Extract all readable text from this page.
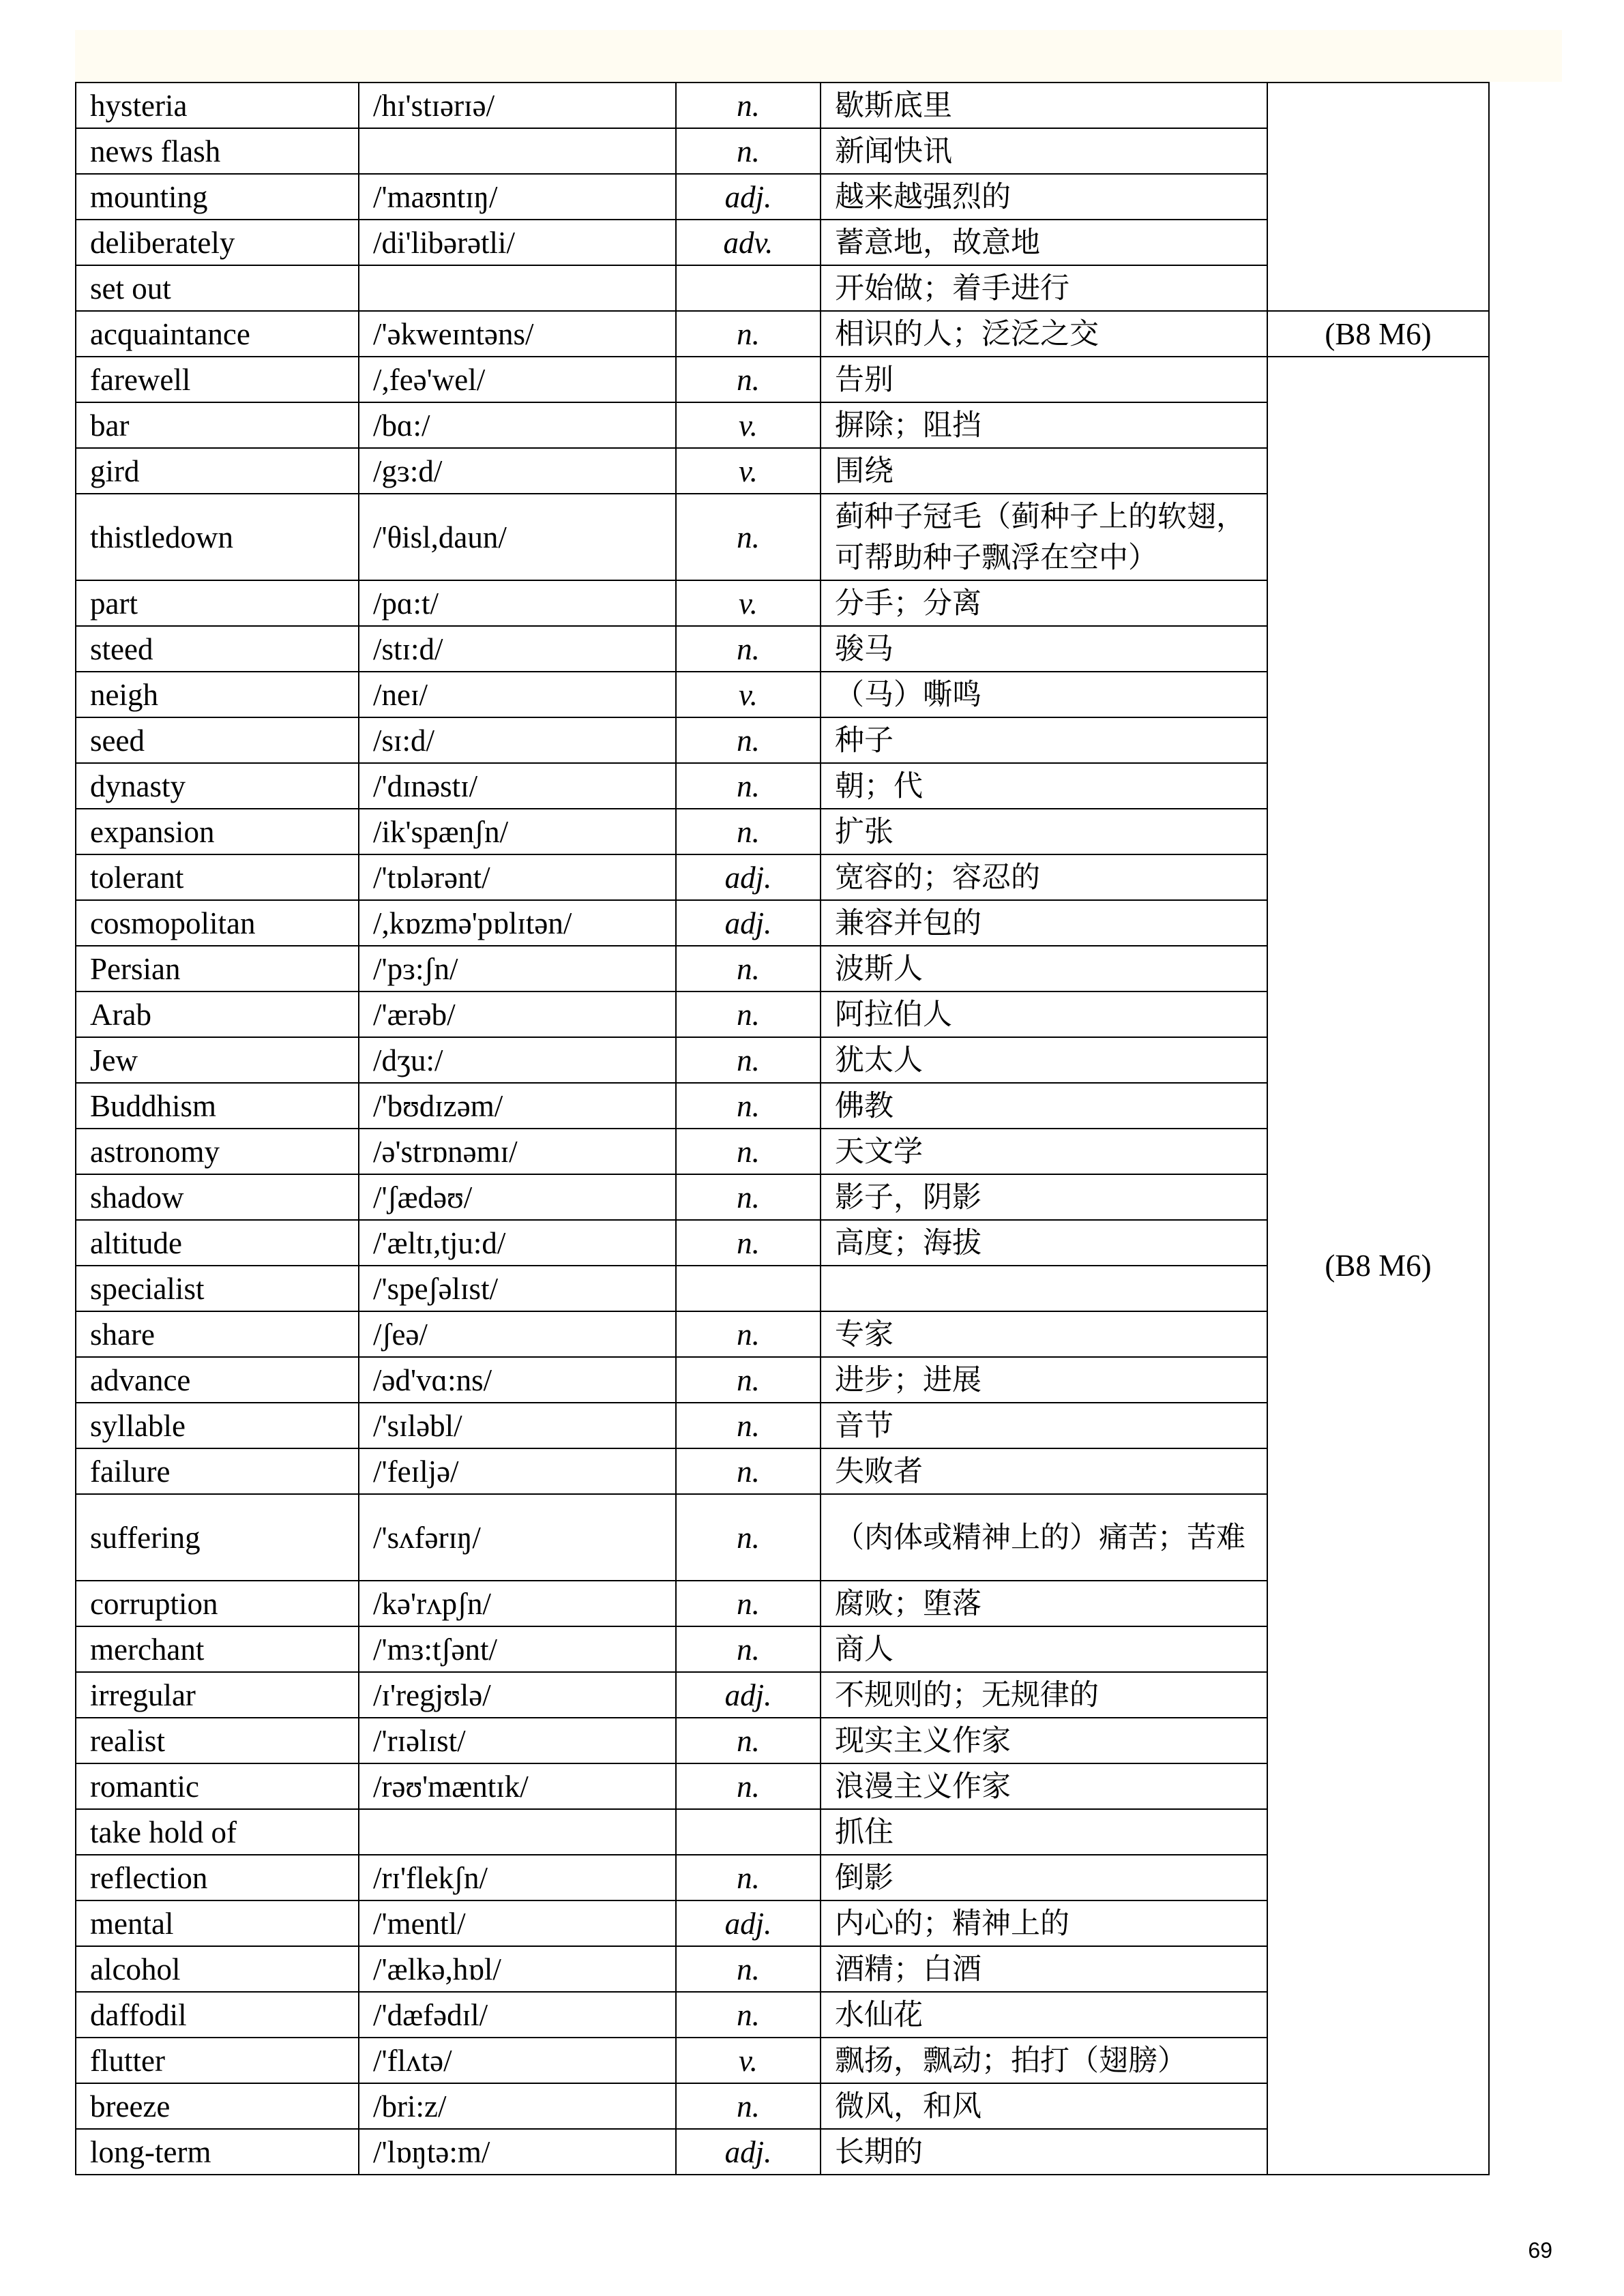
hysteria	/hɪ'stɪərɪə/	n.	歇斯底里	
news flash		n.	新闻快讯	
mounting	/'maʊntɪŋ/	adj.	越来越强烈的	
deliberately	/di'libərətli/	adv.	蓄意地，故意地	
set out			开始做；着手进行	
acquaintance	/'əkweɪntəns/	n.	相识的人；泛泛之交	(B8 M6)
farewell	/,feə'wel/	n.	告别	(B8 M6)
bar	/bɑ:/	v.	摒除；阻挡	
gird	/gɜ:d/	v.	围绕	
thistledown	/'θisl,daun/	n.	蓟种子冠毛（蓟种子上的软翅，可帮助种子飘浮在空中）	
part	/pɑ:t/	v.	分手；分离	
steed	/stɪ:d/	n.	骏马	
neigh	/neɪ/	v.	（马）嘶鸣	
seed	/sɪ:d/	n.	种子	
dynasty	/'dɪnəstɪ/	n.	朝；代	
expansion	/ik'spænʃn/	n.	扩张	
tolerant	/'tɒlərənt/	adj.	宽容的；容忍的	
cosmopolitan	/,kɒzmə'pɒlɪtən/	adj.	兼容并包的	
Persian	/'pɜ:ʃn/	n.	波斯人	
Arab	/'ærəb/	n.	阿拉伯人	
Jew	/dʒu:/	n.	犹太人	
Buddhism	/'bʊdɪzəm/	n.	佛教	
astronomy	/ə'strɒnəmɪ/	n.	天文学	
shadow	/'ʃædəʊ/	n.	影子，阴影	
altitude	/'æltɪ,tju:d/	n.	高度；海拔	
specialist	/'speʃəlɪst/			
share	/ʃeə/	n.	专家	
advance	/əd'vɑ:ns/	n.	进步；进展	
syllable	/'sɪləbl/	n.	音节	
failure	/'feɪljə/	n.	失败者	
suffering	/'sʌfərɪŋ/	n.	（肉体或精神上的）痛苦；苦难	
corruption	/kə'rʌpʃn/	n.	腐败；堕落	
merchant	/'mɜ:tʃənt/	n.	商人	
irregular	/ɪ'regjʊlə/	adj.	不规则的；无规律的	
realist	/'rɪəlɪst/	n.	现实主义作家	
romantic	/rəʊ'mæntɪk/	n.	浪漫主义作家	
take hold of			抓住	
reflection	/rɪ'flekʃn/	n.	倒影	
mental	/'mentl/	adj.	内心的；精神上的	
alcohol	/'ælkə,hɒl/	n.	酒精；白酒	
daffodil	/'dæfədɪl/	n.	水仙花	
flutter	/'flʌtə/	v.	飘扬，飘动；拍打（翅膀）	
breeze	/bri:z/	n.	微风，和风	
long-term	/'lɒŋtə:m/	adj.	长期的	
69
